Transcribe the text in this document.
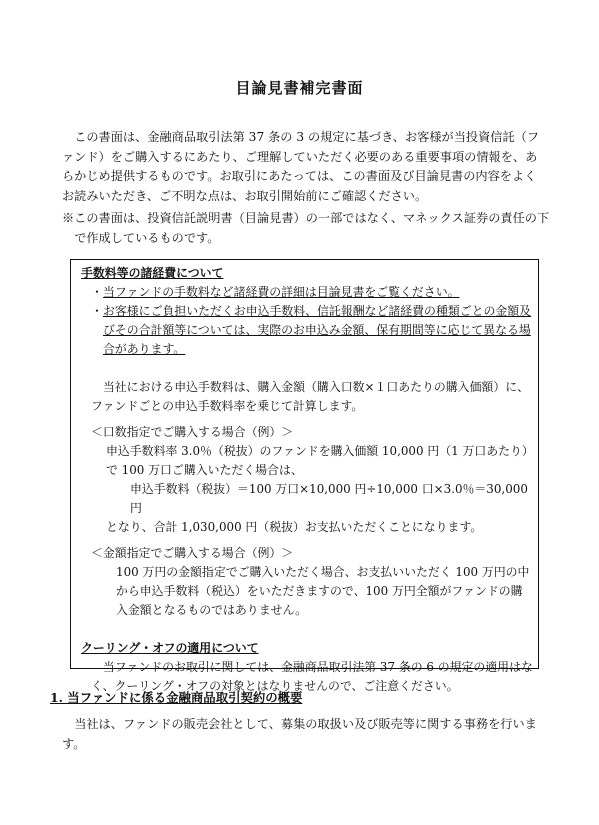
目論見書補完書面
この書面は、金融商品取引法第 37 条の 3 の規定に基づき、お客様が当投資信託（ファンド）をご購入するにあたり、ご理解していただく必要のある重要事項の情報を、あらかじめ提供するものです。お取引にあたっては、この書面及び目論見書の内容をよくお読みいただき、ご不明な点は、お取引開始前にご確認ください。
※この書面は、投資信託説明書（目論見書）の一部ではなく、マネックス証券の責任の下で作成しているものです。
手数料等の諸経費について
・ 当ファンドの手数料など諸経費の詳細は目論見書をご覧ください。
・ お客様にご負担いただくお申込手数料、信託報酬など諸経費の種類ごとの金額及びその合計額等については、実際のお申込み金額、保有期間等に応じて異なる場合があります。
当社における申込手数料は、購入金額（購入口数×１口あたりの購入価額）に、ファンドごとの申込手数料率を乗じて計算します。
＜口数指定でご購入する場合（例）＞
申込手数料率 3.0％（税抜）のファンドを購入価額 10,000 円（1 万口あたり）
で 100 万口ご購入いただく場合は、
申込手数料（税抜）＝100 万口×10,000 円÷10,000 口×3.0％＝30,000 円
となり、合計 1,030,000 円（税抜）お支払いただくことになります。
＜金額指定でご購入する場合（例）＞
100 万円の金額指定でご購入いただく場合、お支払いいただく 100 万円の中から申込手数料（税込）をいただきますので、100 万円全額がファンドの購入金額となるものではありません。
クーリング・オフの適用について
当ファンドのお取引に関しては、金融商品取引法第 37 条の 6 の規定の適用はなく、クーリング・オフの対象とはなりませんので、ご注意ください。
1. 当ファンドに係る金融商品取引契約の概要
当社は、ファンドの販売会社として、募集の取扱い及び販売等に関する事務を行います。
